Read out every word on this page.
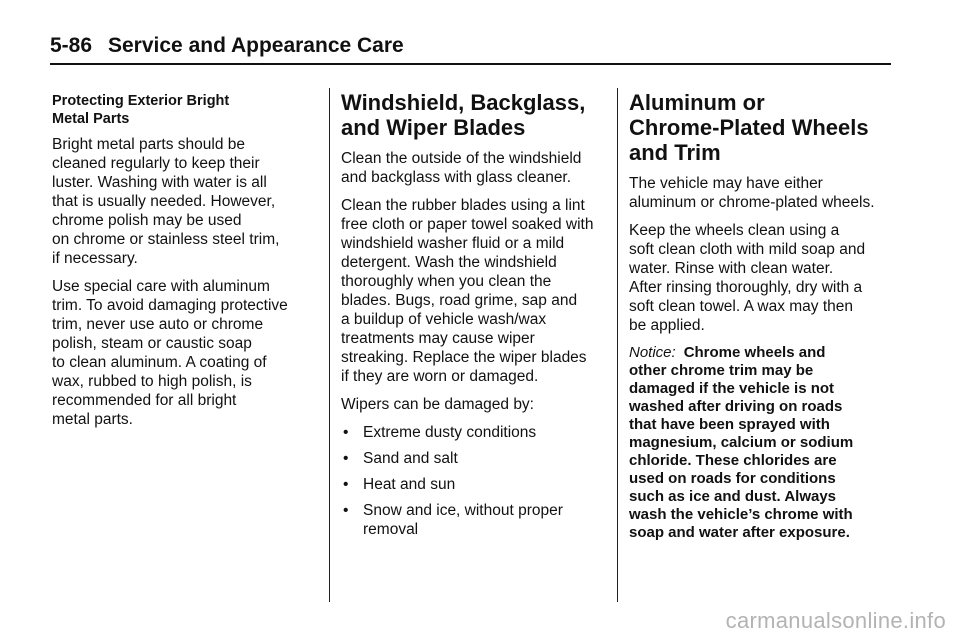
5-86 Service and Appearance Care
Protecting Exterior Bright
Metal Parts

Bright metal parts should be
cleaned regularly to keep their
luster. Washing with water is all
that is usually needed. However,
chrome polish may be used
on chrome or stainless steel trim,
if necessary.

Use special care with aluminum
trim. To avoid damaging protective
trim, never use auto or chrome
polish, steam or caustic soap
to clean aluminum. A coating of
wax, rubbed to high polish, is
recommended for all bright
metal parts.

Windshield, Backglass,
and Wiper Blades

Clean the outside of the windshield
and backglass with glass cleaner.

Clean the rubber blades using a lint
free cloth or paper towel soaked with
windshield washer fluid or a mild
detergent. Wash the windshield
thoroughly when you clean the
blades. Bugs, road grime, sap and
a buildup of vehicle wash/wax
treatments may cause wiper
streaking. Replace the wiper blades
if they are worn or damaged.

Wipers can be damaged by:

• Extreme dusty conditions
• Sand and salt
• Heat and sun
• Snow and ice, without proper
removal
Aluminum or
Chrome-Plated Wheels
and Trim

The vehicle may have either
aluminum or chrome-plated wheels.

Keep the wheels clean using a
soft clean cloth with mild soap and
water. Rinse with clean water.
After rinsing thoroughly, dry with a
soft clean towel. A wax may then
be applied.

Notice: Chrome wheels and
other chrome trim may be
damaged if the vehicle is not
washed after driving on roads
that have been sprayed with
magnesium, calcium or sodium
chloride. These chlorides are
used on roads for conditions
such as ice and dust. Always
wash the vehicle’s chrome with
soap and water after exposure.
carmanualsonline.info
